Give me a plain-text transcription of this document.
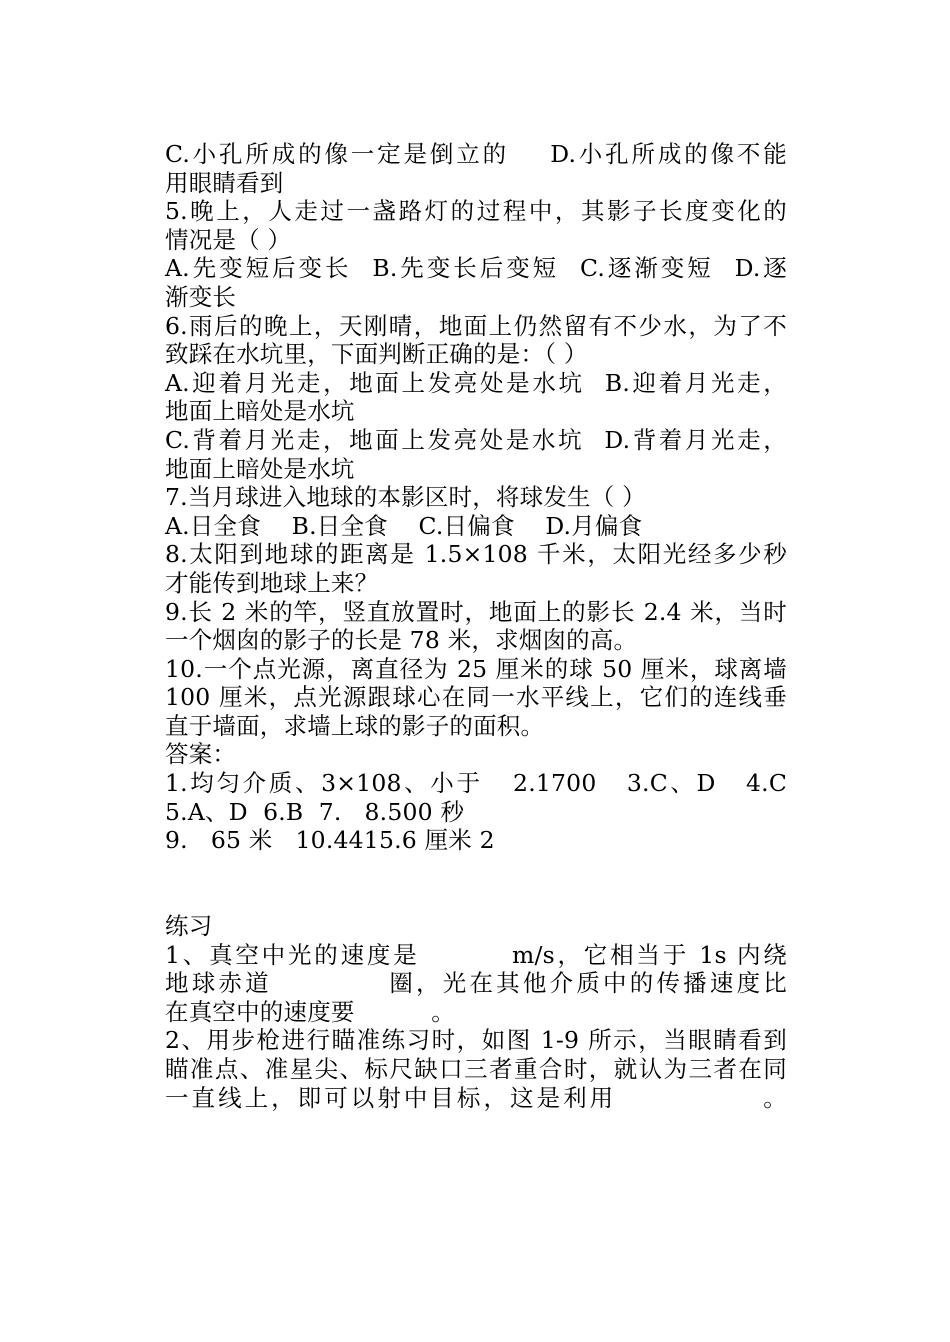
C.小孔所成的像一定是倒立的    D.小孔所成的像不能
用眼睛看到
5.晚上，人走过一盏路灯的过程中，其影子长度变化的
情况是（ ）
A.先变短后变长  B.先变长后变短  C.逐渐变短  D.逐
渐变长
6.雨后的晚上，天刚晴，地面上仍然留有不少水，为了不
致踩在水坑里，下面判断正确的是：（ ）
A.迎着月光走，地面上发亮处是水坑  B.迎着月光走，
地面上暗处是水坑
C.背着月光走，地面上发亮处是水坑  D.背着月光走，
地面上暗处是水坑
7.当月球进入地球的本影区时，将球发生（ ）
A.日全食    B.日全食    C.日偏食    D.月偏食
8.太阳到地球的距离是 1.5×108 千米，太阳光经多少秒
才能传到地球上来？
9.长 2 米的竿，竖直放置时，地面上的影长 2.4 米，当时
一个烟囱的影子的长是 78 米，求烟囱的高。
10.一个点光源，离直径为 25 厘米的球 50 厘米，球离墙
100 厘米，点光源跟球心在同一水平线上，它们的连线垂
直于墙面，求墙上球的影子的面积。
答案：
1.均匀介质、3×108、小于   2.1700   3.C、D   4.C
5.A、D  6.B  7.   8.500 秒
9.   65 米   10.4415.6 厘米 2
练习
1、真空中光的速度是         m/s，它相当于 1s 内绕
地球赤道           圈，光在其他介质中的传播速度比
在真空中的速度要          。
2、用步枪进行瞄准练习时，如图 1-9 所示，当眼睛看到
瞄准点、准星尖、标尺缺口三者重合时，就认为三者在同
一直线上，即可以射中目标，这是利用              。
